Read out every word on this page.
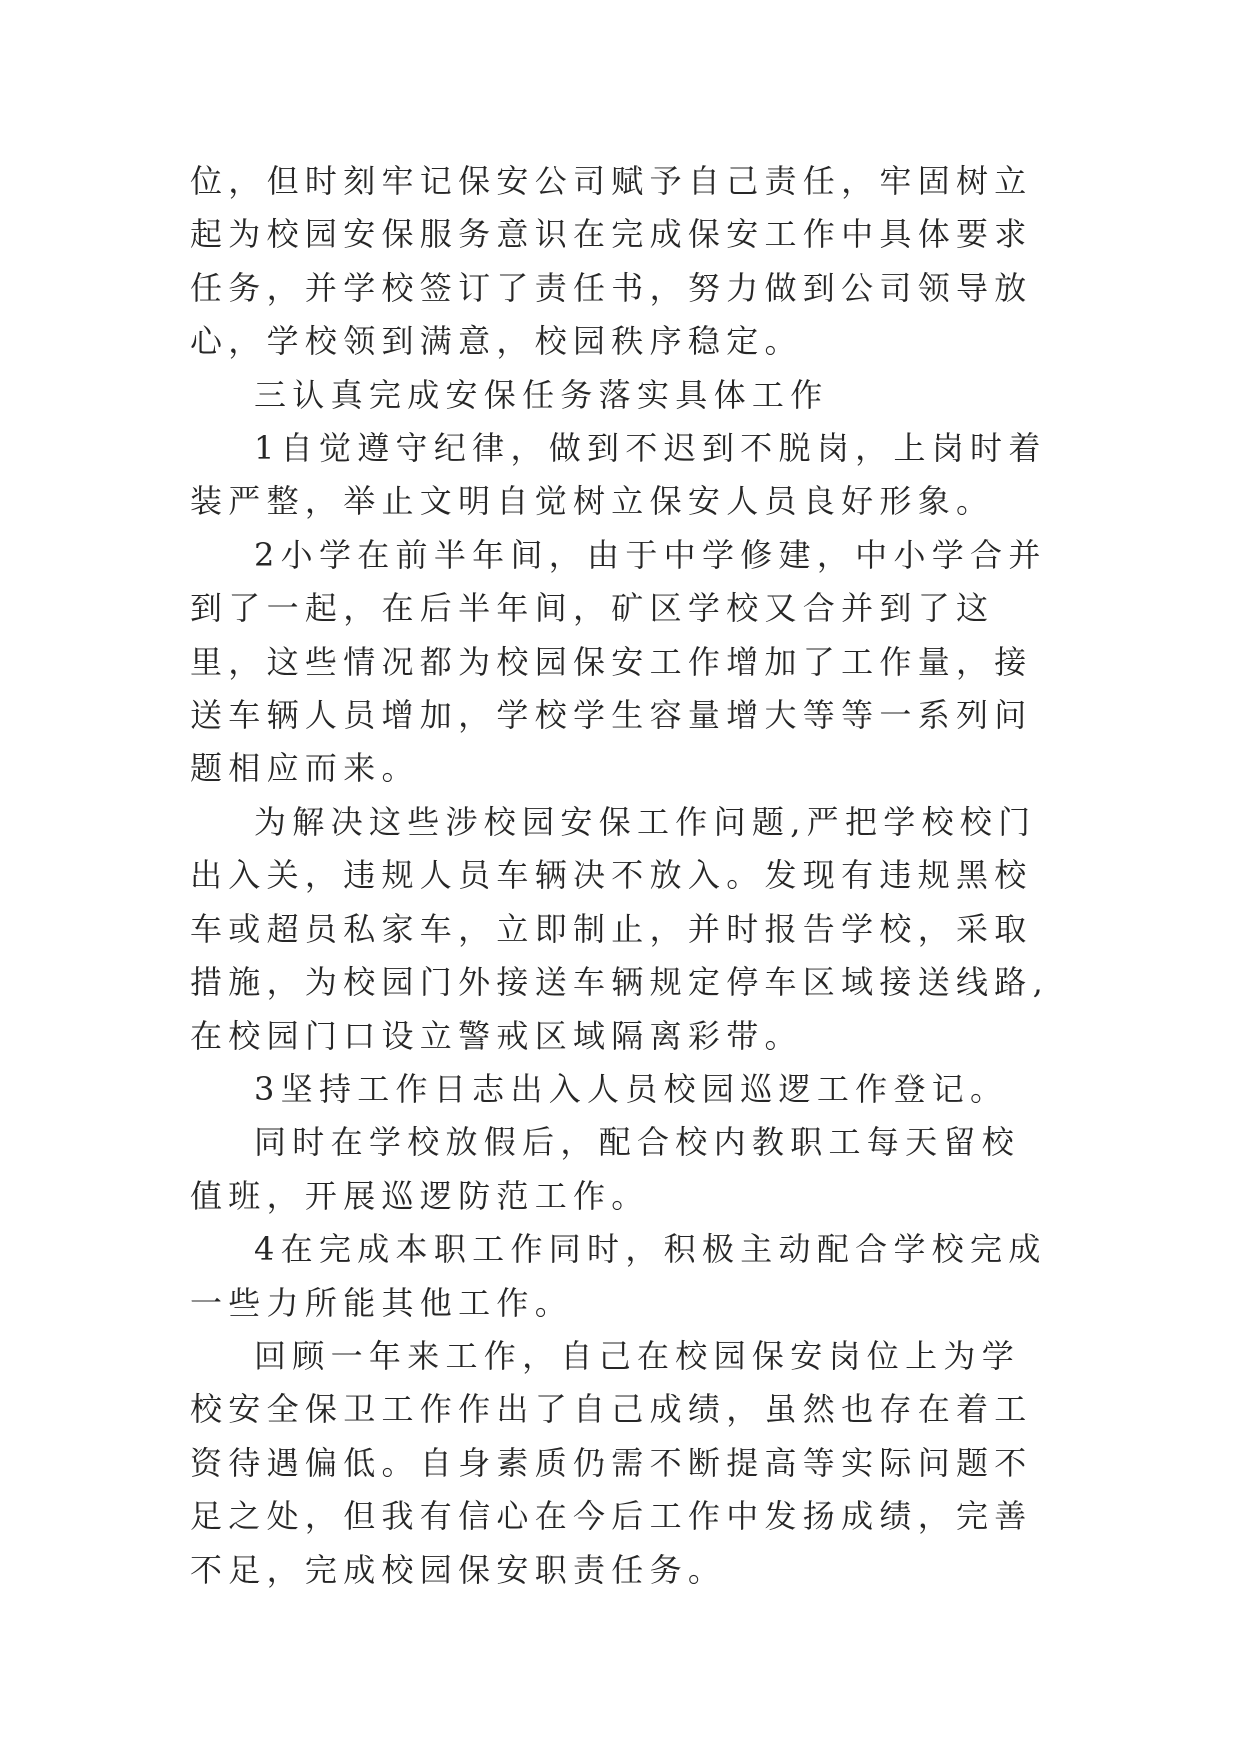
位，但时刻牢记保安公司赋予自己责任，牢固树立起为校园安保服务意识在完成保安工作中具体要求任务，并学校签订了责任书，努力做到公司领导放心，学校领到满意，校园秩序稳定。

三认真完成安保任务落实具体工作

1自觉遵守纪律，做到不迟到不脱岗，上岗时着装严整，举止文明自觉树立保安人员良好形象。

2小学在前半年间，由于中学修建，中小学合并到了一起，在后半年间，矿区学校又合并到了这里，这些情况都为校园保安工作增加了工作量，接送车辆人员增加，学校学生容量增大等等一系列问题相应而来。

为解决这些涉校园安保工作问题,严把学校校门出入关，违规人员车辆决不放入。发现有违规黑校车或超员私家车，立即制止，并时报告学校，采取措施，为校园门外接送车辆规定停车区域接送线路,在校园门口设立警戒区域隔离彩带。

3坚持工作日志出入人员校园巡逻工作登记。

同时在学校放假后，配合校内教职工每天留校值班，开展巡逻防范工作。

4在完成本职工作同时，积极主动配合学校完成一些力所能其他工作。

回顾一年来工作，自己在校园保安岗位上为学校安全保卫工作作出了自己成绩，虽然也存在着工资待遇偏低。自身素质仍需不断提高等实际问题不足之处，但我有信心在今后工作中发扬成绩，完善不足，完成校园保安职责任务。
